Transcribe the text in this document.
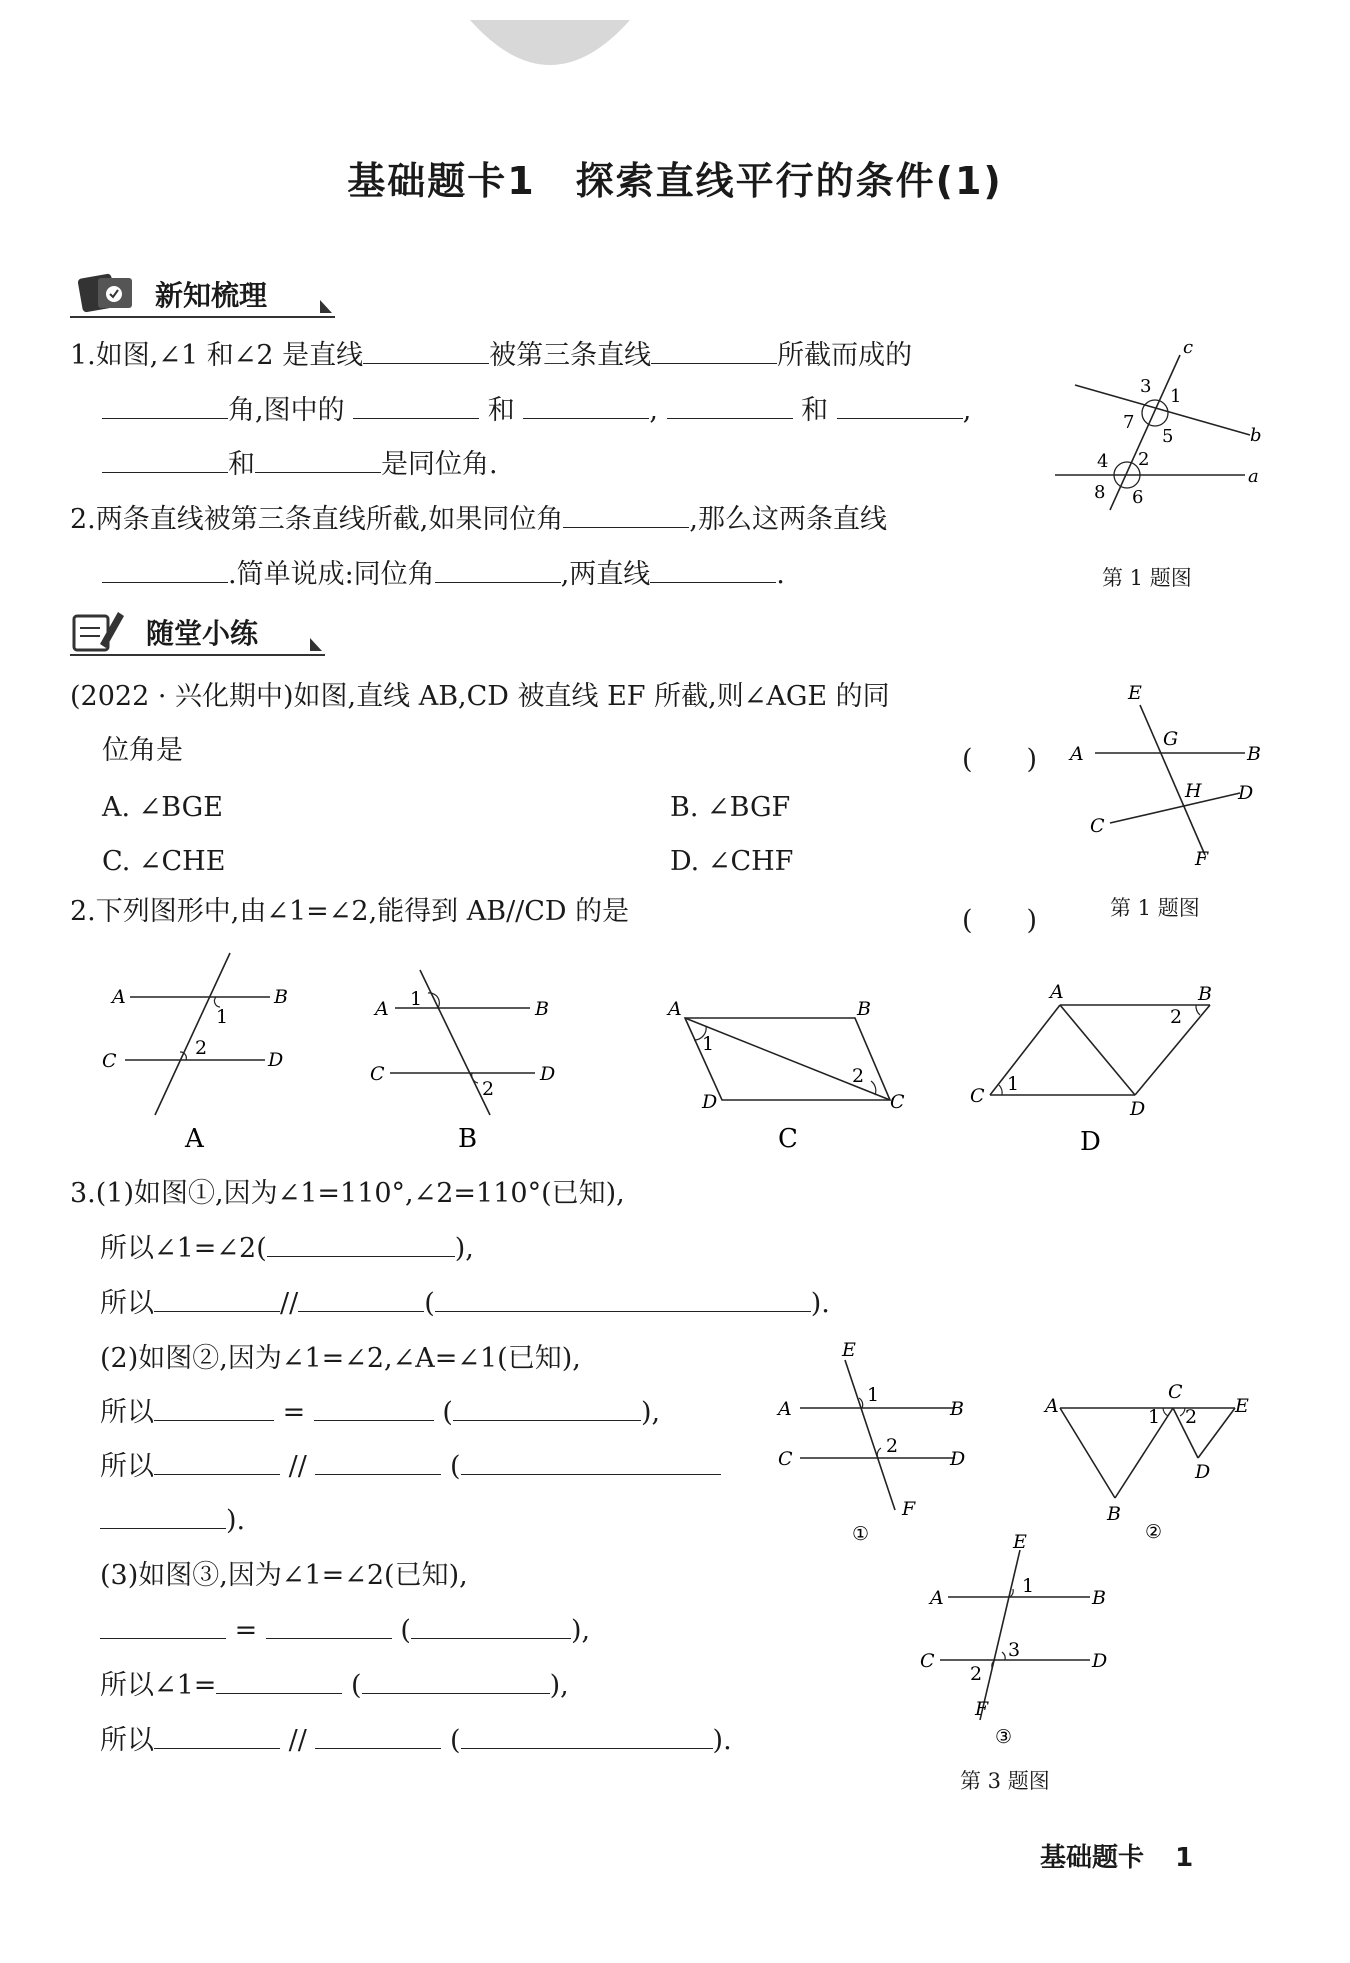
基础题卡1　探索直线平行的条件(1)
新知梳理
1.如图,∠1 和∠2 是直线	被第三条直线	所截而成的
角,图中的	和	,	和	,
和	是同位角.
2.两条直线被第三条直线所截,如果同位角	,那么这两条直线
.简单说成:同位角	,两直线	.
c
b
a
3 1
7
5
4 2
8 6
第 1 题图
随堂小练
(2022 · 兴化期中)如图,直线 AB,CD 被直线 EF 所截,则∠AGE 的同
位角是	(　　)
A. ∠BGE	B. ∠BGF
C. ∠CHE	D. ∠CHF
E
G
A	B
H D
C
F
第 1 题图
2.下列图形中,由∠1=∠2,能得到 AB//CD 的是	(　　)
A	B
C	D
1
2
A
A	B
C	D
1
2
B
A	B
C
D
1
2
C
A	B
C
D
1
2
D
3.(1)如图①,因为∠1=110°,∠2=110°(已知),
所以∠1=∠2(	),
所以	//	(	).
(2)如图②,因为∠1=∠2,∠A=∠1(已知),
所以	=	(	),
所以	//	(
).
(3)如图③,因为∠1=∠2(已知),
=	(	),
所以∠1=	(	),
所以	//	(	).
E
A	B
C	D
1
2
F
①
A
C
E
1 2
D
B
②
E
A	B
C	D
1
3
2
F
③
第 3 题图
基础题卡 1
